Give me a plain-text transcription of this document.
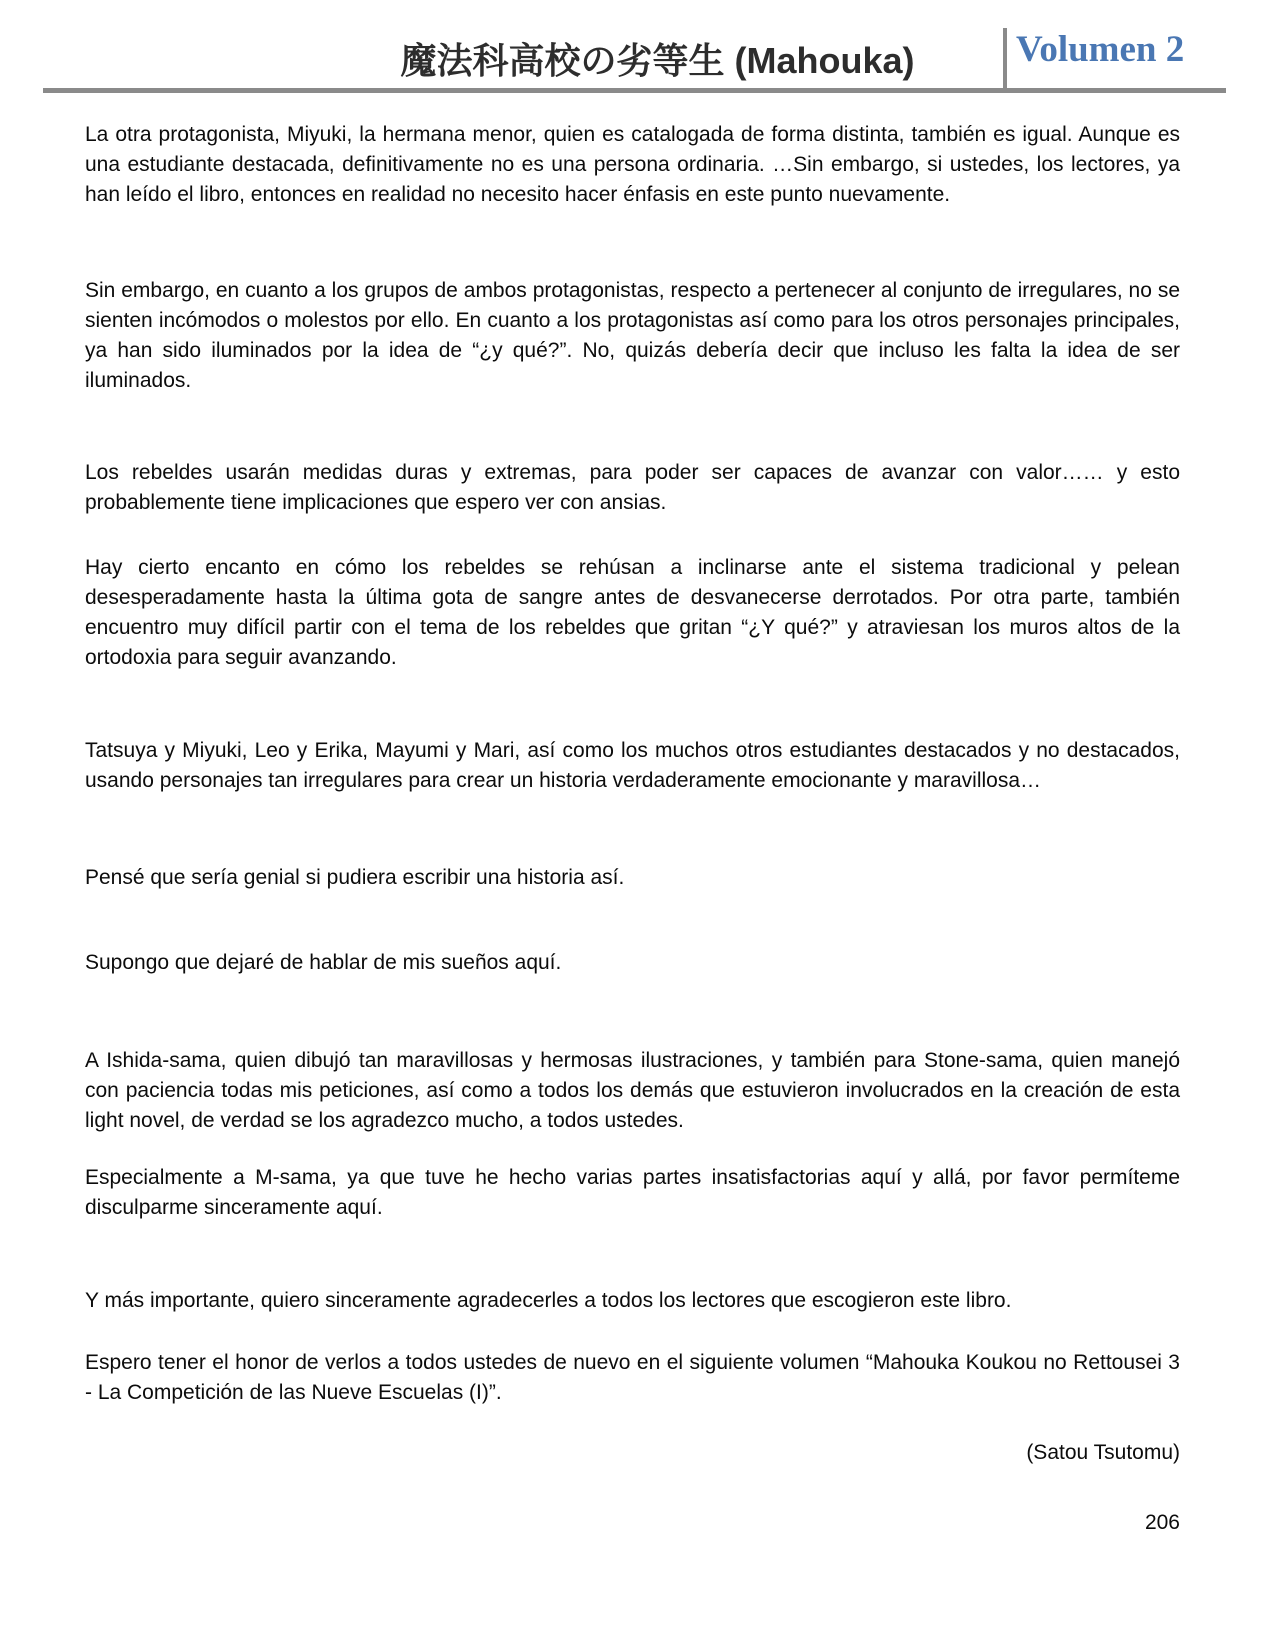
魔法科高校の劣等生 (Mahouka)	Volumen 2

La otra protagonista, Miyuki, la hermana menor, quien es catalogada de forma distinta, también es igual. Aunque es una estudiante destacada, definitivamente no es una persona ordinaria. …Sin embargo, si ustedes, los lectores, ya han leído el libro, entonces en realidad no necesito hacer énfasis en este punto nuevamente.

Sin embargo, en cuanto a los grupos de ambos protagonistas, respecto a pertenecer al conjunto de irregulares, no se sienten incómodos o molestos por ello. En cuanto a los protagonistas así como para los otros personajes principales, ya han sido iluminados por la idea de “¿y qué?”. No, quizás debería decir que incluso les falta la idea de ser iluminados.

Los rebeldes usarán medidas duras y extremas, para poder ser capaces de avanzar con valor…… y esto probablemente tiene implicaciones que espero ver con ansias.

Hay cierto encanto en cómo los rebeldes se rehúsan a inclinarse ante el sistema tradicional y pelean desesperadamente hasta la última gota de sangre antes de desvanecerse derrotados. Por otra parte, también encuentro muy difícil partir con el tema de los rebeldes que gritan “¿Y qué?” y atraviesan los muros altos de la ortodoxia para seguir avanzando.

Tatsuya y Miyuki, Leo y Erika, Mayumi y Mari, así como los muchos otros estudiantes destacados y no destacados, usando personajes tan irregulares para crear un historia verdaderamente emocionante y maravillosa…

Pensé que sería genial si pudiera escribir una historia así.

Supongo que dejaré de hablar de mis sueños aquí.

A Ishida-sama, quien dibujó tan maravillosas y hermosas ilustraciones, y también para Stone-sama, quien manejó con paciencia todas mis peticiones, así como a todos los demás que estuvieron involucrados en la creación de esta light novel, de verdad se los agradezco mucho, a todos ustedes.

Especialmente a M-sama, ya que tuve he hecho varias partes insatisfactorias aquí y allá, por favor permíteme disculparme sinceramente aquí.

Y más importante, quiero sinceramente agradecerles a todos los lectores que escogieron este libro.

Espero tener el honor de verlos a todos ustedes de nuevo en el siguiente volumen “Mahouka Koukou no Rettousei 3 - La Competición de las Nueve Escuelas (I)”.

(Satou Tsutomu)

206
